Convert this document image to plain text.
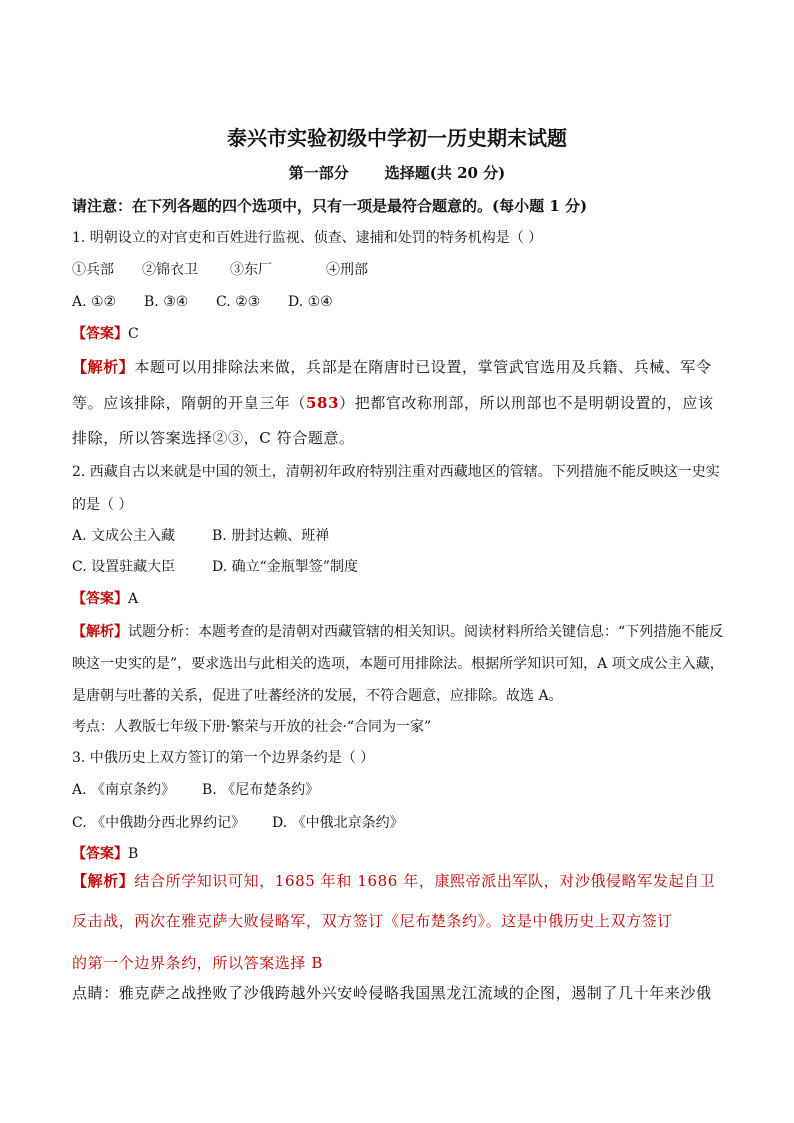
泰兴市实验初级中学初一历史期末试题
第一部分 选择题(共 20 分)
请注意：在下列各题的四个选项中，只有一项是最符合题意的。(每小题 1 分)
1. 明朝设立的对官吏和百姓进行监视、侦查、逮捕和处罚的特务机构是（ ）
①兵部 ②锦衣卫 ③东厂	④刑部
A. ①② B. ③④ C. ②③ D. ①④
【答案】C
【解析】本题可以用排除法来做，兵部是在隋唐时已设置，掌管武官选用及兵籍、兵械、军令
等。应该排除，隋朝的开皇三年（583）把都官改称刑部，所以刑部也不是明朝设置的，应该
排除，所以答案选择②③，C 符合题意。
2. 西藏自古以来就是中国的领土，清朝初年政府特别注重对西藏地区的管辖。下列措施不能反映这一史实
的是（ ）
A. 文成公主入藏	B. 册封达赖、班禅
C. 设置驻藏大臣	D. 确立“金瓶掣签”制度
【答案】A
【解析】试题分析：本题考查的是清朝对西藏管辖的相关知识。阅读材料所给关键信息：“下列措施不能反
映这一史实的是”，要求选出与此相关的选项，本题可用排除法。根据所学知识可知，A 项文成公主入藏，
是唐朝与吐蕃的关系，促进了吐蕃经济的发展，不符合题意，应排除。故选 A。
考点：人教版七年级下册·繁荣与开放的社会·“合同为一家”
3. 中俄历史上双方签订的第一个边界条约是（ ）
A. 《南京条约》 B. 《尼布楚条约》
C. 《中俄勘分西北界约记》 D. 《中俄北京条约》
【答案】B
【解析】结合所学知识可知，1685 年和 1686 年，康熙帝派出军队，对沙俄侵略军发起自卫
反击战，两次在雅克萨大败侵略军，双方签订《尼布楚条约》。这是中俄历史上双方签订
的第一个边界条约，所以答案选择 B
点睛：雅克萨之战挫败了沙俄跨越外兴安岭侵略我国黑龙江流域的企图，遏制了几十年来沙俄
